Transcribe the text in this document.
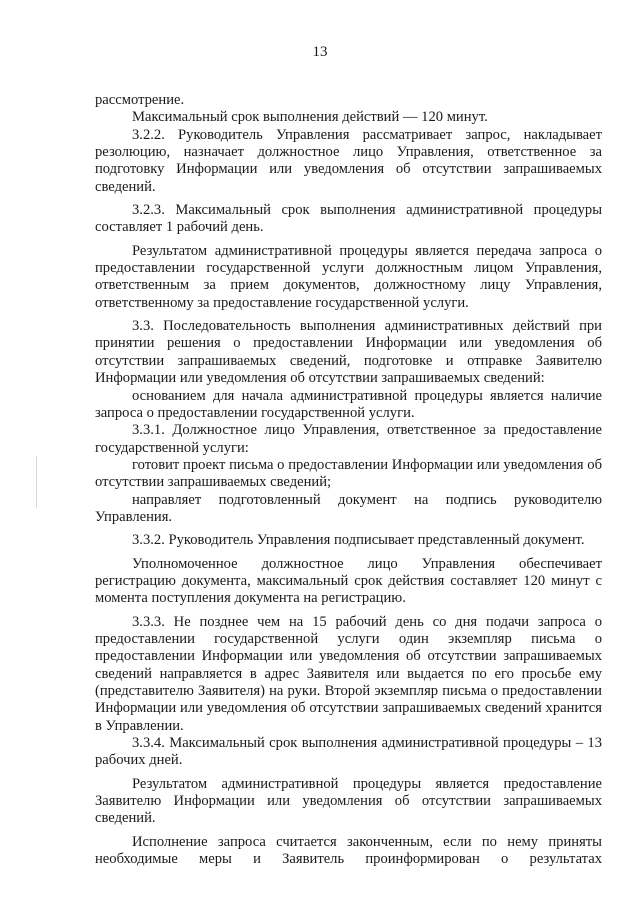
13

рассмотрение.

Максимальный срок выполнения действий — 120 минут.

3.2.2. Руководитель Управления рассматривает запрос, накладывает резолюцию, назначает должностное лицо Управления, ответственное за подготовку Информации или уведомления об отсутствии запрашиваемых сведений.

3.2.3. Максимальный срок выполнения административной процедуры составляет 1 рабочий день.

Результатом административной процедуры является передача запроса о предоставлении государственной услуги должностным лицом Управления, ответственным за прием документов, должностному лицу Управления, ответственному за предоставление государственной услуги.

3.3. Последовательность выполнения административных действий при принятии решения о предоставлении Информации или уведомления об отсутствии запрашиваемых сведений, подготовке и отправке Заявителю Информации или уведомления об отсутствии запрашиваемых сведений:

основанием для начала административной процедуры является наличие запроса о предоставлении государственной услуги.

3.3.1. Должностное лицо Управления, ответственное за предоставление государственной услуги:

готовит проект письма о предоставлении Информации или уведомления об отсутствии запрашиваемых сведений;

направляет подготовленный документ на подпись руководителю Управления.

3.3.2. Руководитель Управления подписывает представленный документ.

Уполномоченное должностное лицо Управления обеспечивает регистрацию документа, максимальный срок действия составляет 120 минут с момента поступления документа на регистрацию.

3.3.3. Не позднее чем на 15 рабочий день со дня подачи запроса о предоставлении государственной услуги один экземпляр письма о предоставлении Информации или уведомления об отсутствии запрашиваемых сведений направляется в адрес Заявителя или выдается по его просьбе ему (представителю Заявителя) на руки. Второй экземпляр письма о предоставлении Информации или уведомления об отсутствии запрашиваемых сведений хранится в Управлении.

3.3.4. Максимальный срок выполнения административной процедуры – 13 рабочих дней.

Результатом административной процедуры является предоставление Заявителю Информации или уведомления об отсутствии запрашиваемых сведений.

Исполнение запроса считается законченным, если по нему приняты необходимые меры и Заявитель проинформирован о результатах
